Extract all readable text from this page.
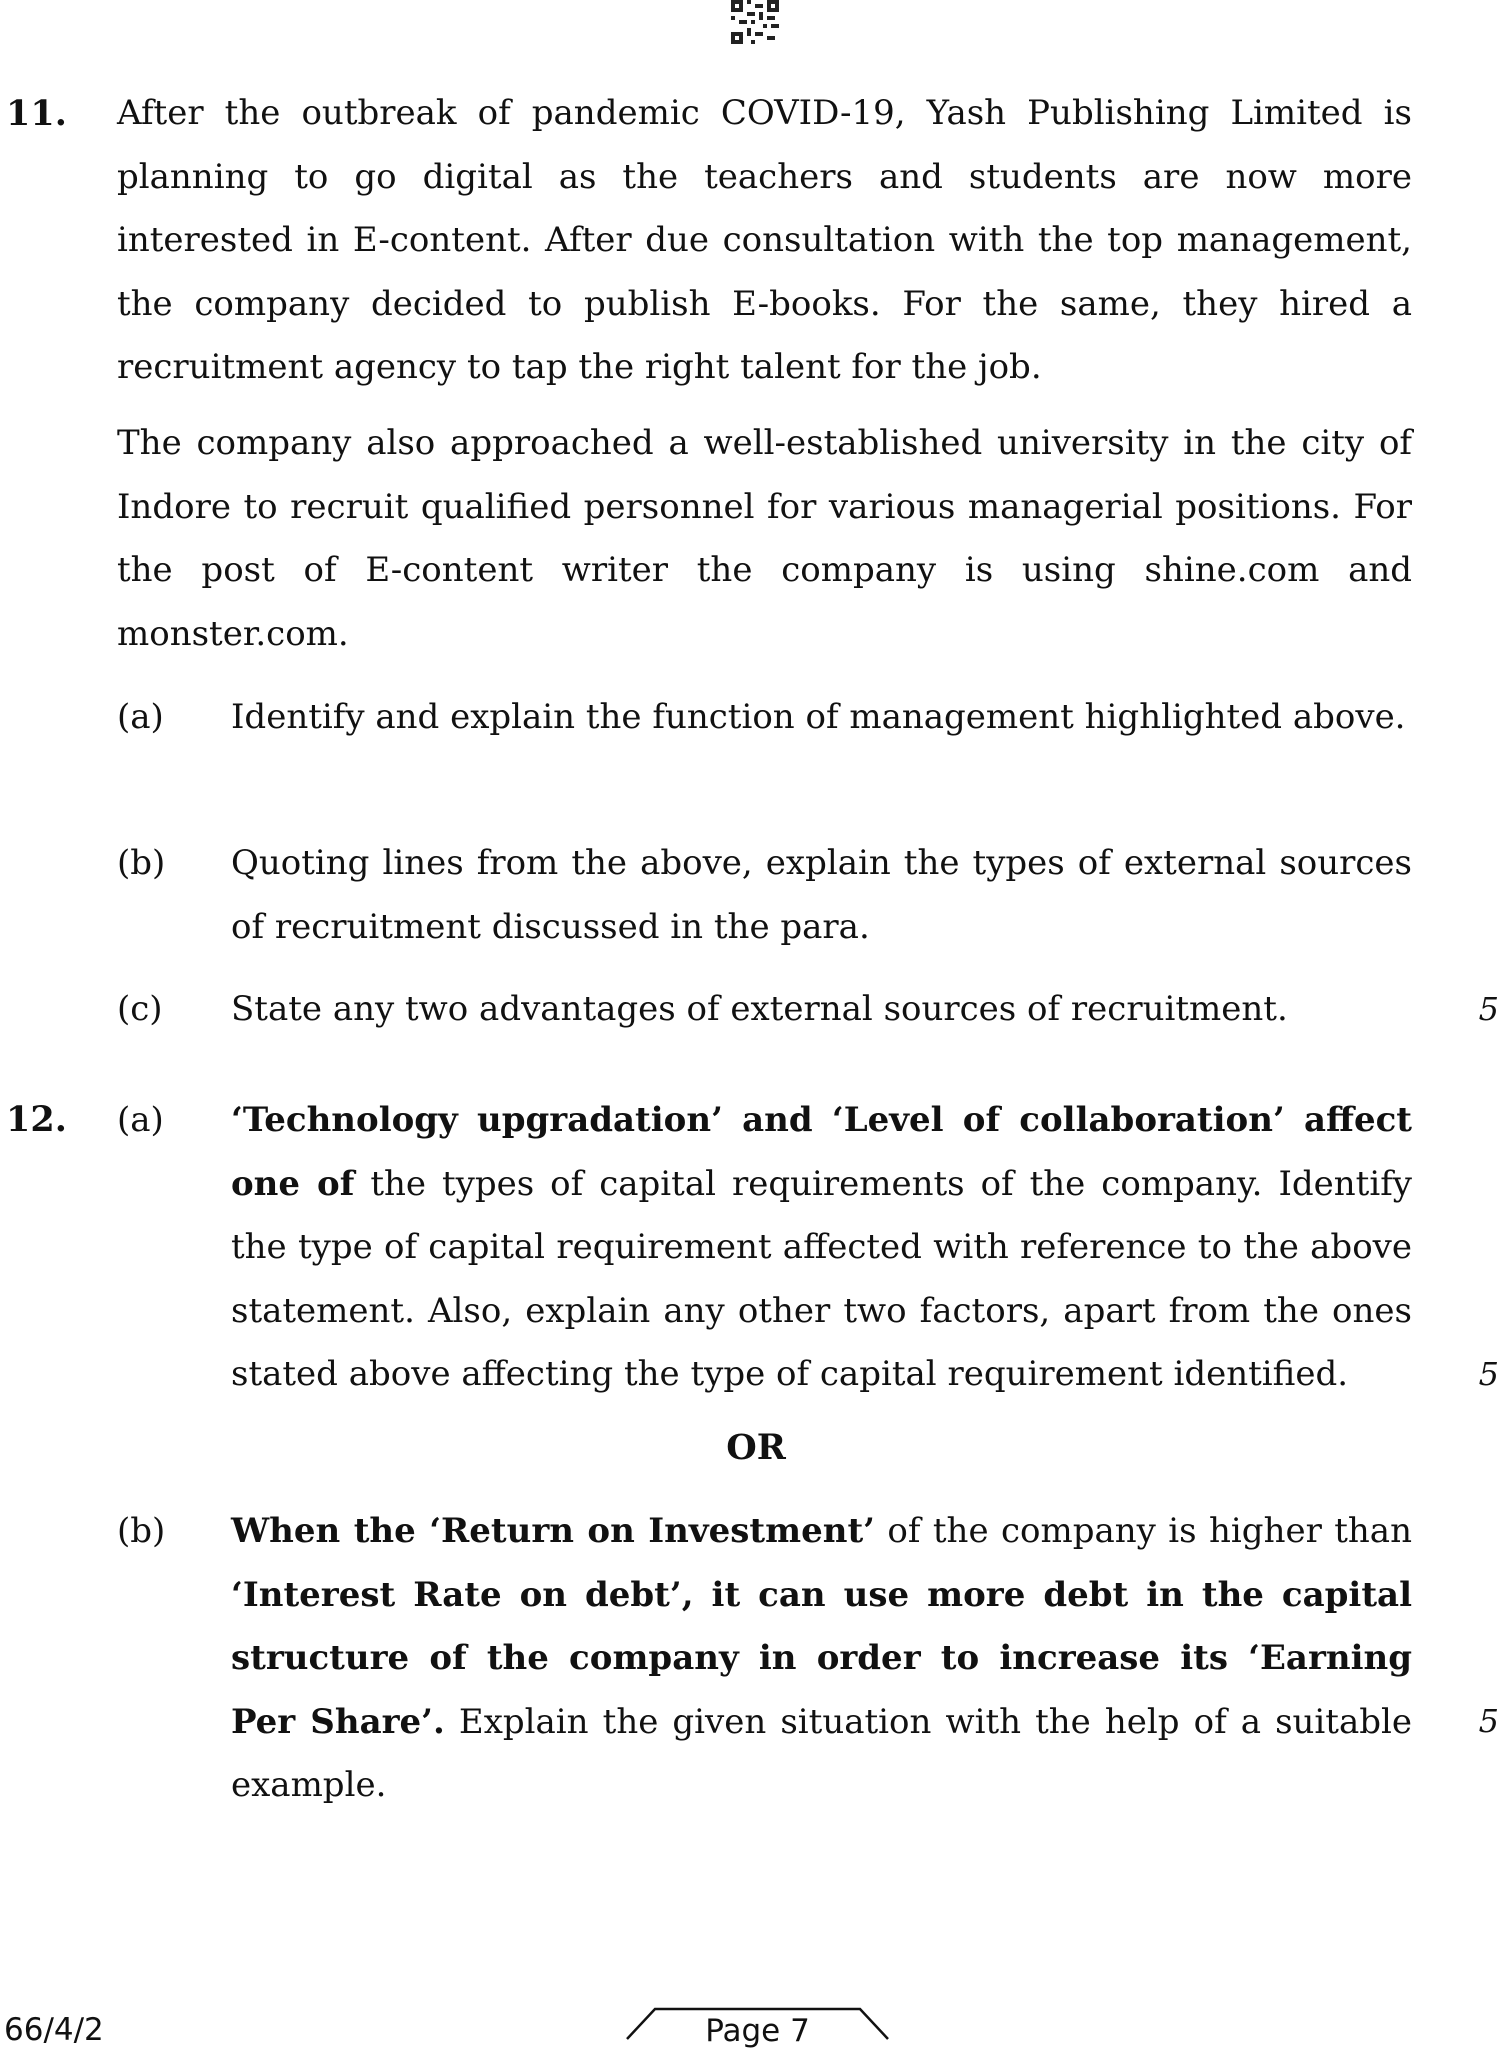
11. After the outbreak of pandemic COVID-19, Yash Publishing Limited is planning to go digital as the teachers and students are now more interested in E-content. After due consultation with the top management, the company decided to publish E-books. For the same, they hired a recruitment agency to tap the right talent for the job.
The company also approached a well-established university in the city of Indore to recruit qualified personnel for various managerial positions. For the post of E-content writer the company is using shine.com and monster.com.
(a) Identify and explain the function of management highlighted above.
(b) Quoting lines from the above, explain the types of external sources of recruitment discussed in the para.
(c) State any two advantages of external sources of recruitment.	5
12. (a) ‘Technology upgradation’ and ‘Level of collaboration’ affect one of the types of capital requirements of the company. Identify the type of capital requirement affected with reference to the above statement. Also, explain any other two factors, apart from the ones stated above affecting the type of capital requirement identified.	5
OR
(b) When the ‘Return on Investment’ of the company is higher than ‘Interest Rate on debt’, it can use more debt in the capital structure of the company in order to increase its ‘Earning Per Share’. Explain the given situation with the help of a suitable example.
5
66/4/2	Page 7
